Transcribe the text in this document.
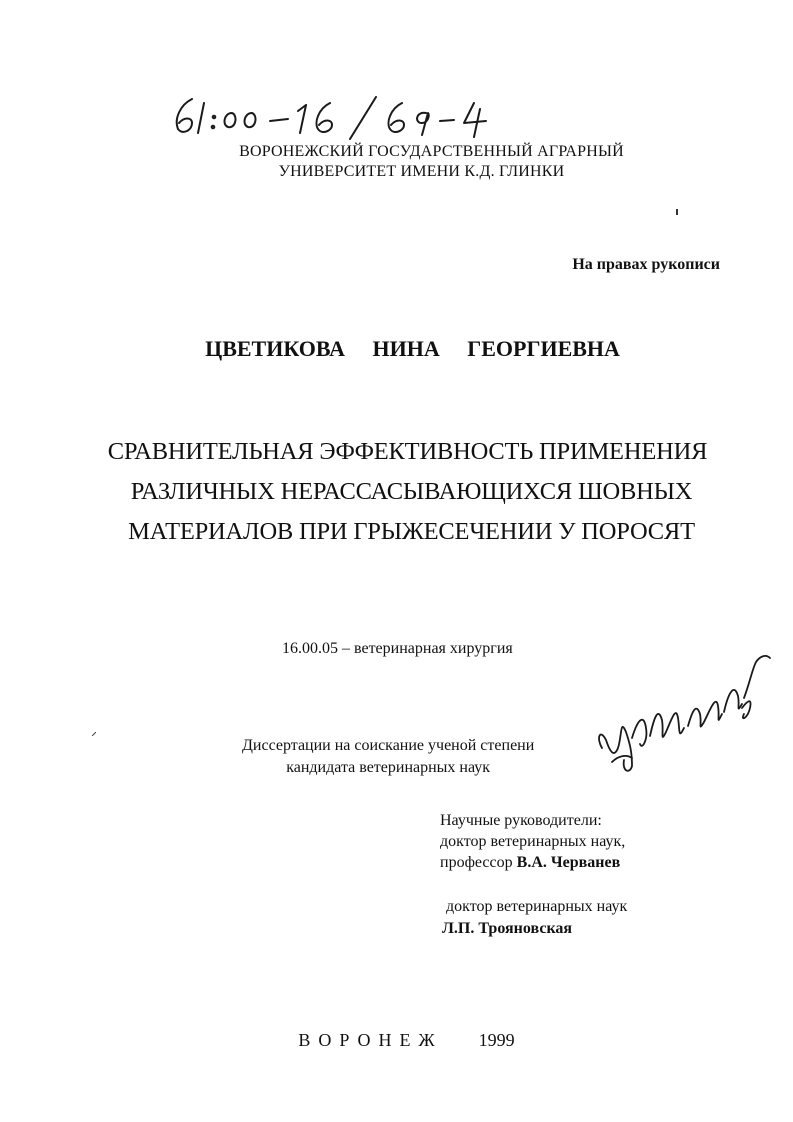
ВОРОНЕЖСКИЙ ГОСУДАРСТВЕННЫЙ АГРАРНЫЙ
УНИВЕРСИТЕТ ИМЕНИ К.Д. ГЛИНКИ

На правах рукописи

ЦВЕТИКОВА НИНА ГЕОРГИЕВНА

СРАВНИТЕЛЬНАЯ ЭФФЕКТИВНОСТЬ ПРИМЕНЕНИЯ
РАЗЛИЧНЫХ НЕРАССАСЫВАЮЩИХСЯ ШОВНЫХ
МАТЕРИАЛОВ ПРИ ГРЫЖЕСЕЧЕНИИ У ПОРОСЯТ

16.00.05 – ветеринарная хирургия

Диссертации на соискание ученой степени
кандидата ветеринарных наук
Научные руководители:
доктор ветеринарных наук,
профессор В.А. Черванев
доктор ветеринарных наук
Л.П. Трояновская

ВОРОНЕЖ 1999
